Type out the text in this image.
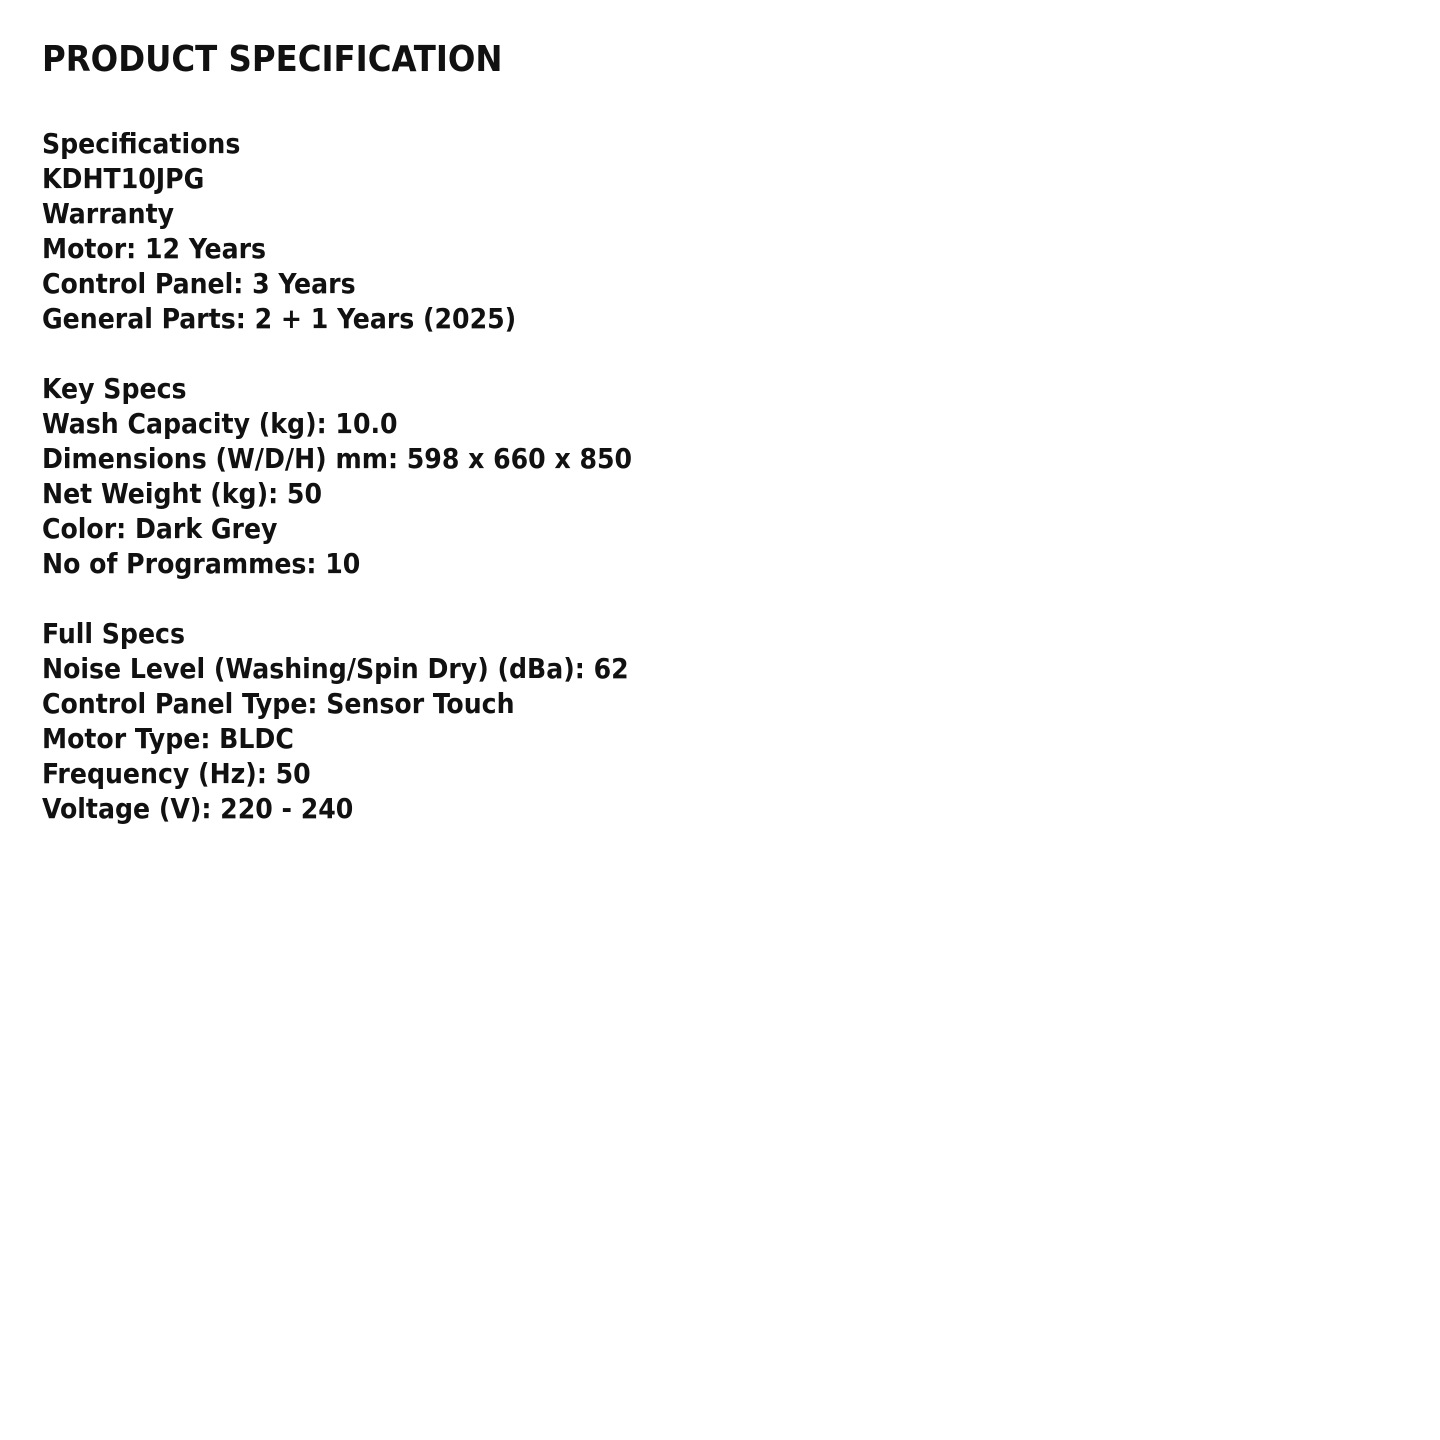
PRODUCT SPECIFICATION

Specifications

KDHT10JPG

Warranty

Motor: 12 Years

Control Panel: 3 Years

General Parts: 2 + 1 Years (2025)

Key Specs

Wash Capacity (kg): 10.0

Dimensions (W/D/H) mm: 598 x 660 x 850

Net Weight (kg): 50

Color: Dark Grey

No of Programmes: 10

Full Specs

Noise Level (Washing/Spin Dry) (dBa): 62

Control Panel Type: Sensor Touch

Motor Type: BLDC

Frequency (Hz): 50

Voltage (V): 220 - 240
